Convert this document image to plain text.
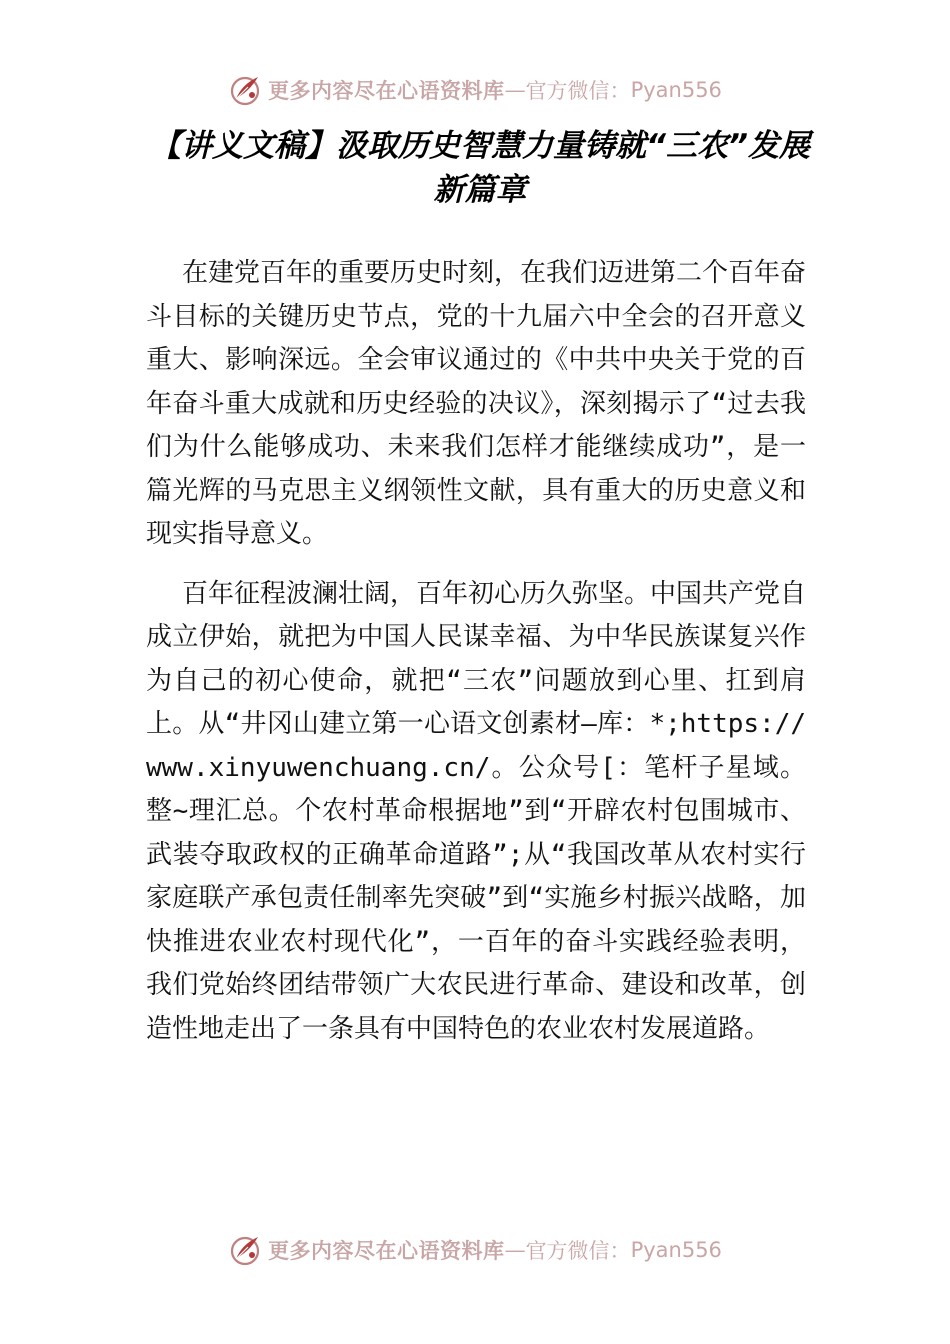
更多内容尽在心语资料库 — 官方微信： Pyan556
【讲义文稿】汲取历史智慧力量铸就“三农”发展新篇章

在建党百年的重要历史时刻，在我们迈进第二个百年奋斗目标的关键历史节点，党的十九届六中全会的召开意义重大、影响深远。全会审议通过的《中共中央关于党的百年奋斗重大成就和历史经验的决议》，深刻揭示了“过去我们为什么能够成功、未来我们怎样才能继续成功”，是一篇光辉的马克思主义纲领性文献，具有重大的历史意义和现实指导意义。

百年征程波澜壮阔，百年初心历久弥坚。中国共产党自成立伊始，就把为中国人民谋幸福、为中华民族谋复兴作为自己的初心使命，就把“三农”问题放到心里、扛到肩上。从“井冈山建立第一心语文创素材—库：*;https://www.xinyuwenchuang.cn/。公众号[：笔杆子星域。整~理汇总。个农村革命根据地”到“开辟农村包围城市、武装夺取政权的正确革命道路”;从“我国改革从农村实行家庭联产承包责任制率先突破”到“实施乡村振兴战略，加快推进农业农村现代化”，一百年的奋斗实践经验表明，我们党始终团结带领广大农民进行革命、建设和改革，创造性地走出了一条具有中国特色的农业农村发展道路。

更多内容尽在心语资料库 — 官方微信： Pyan556
